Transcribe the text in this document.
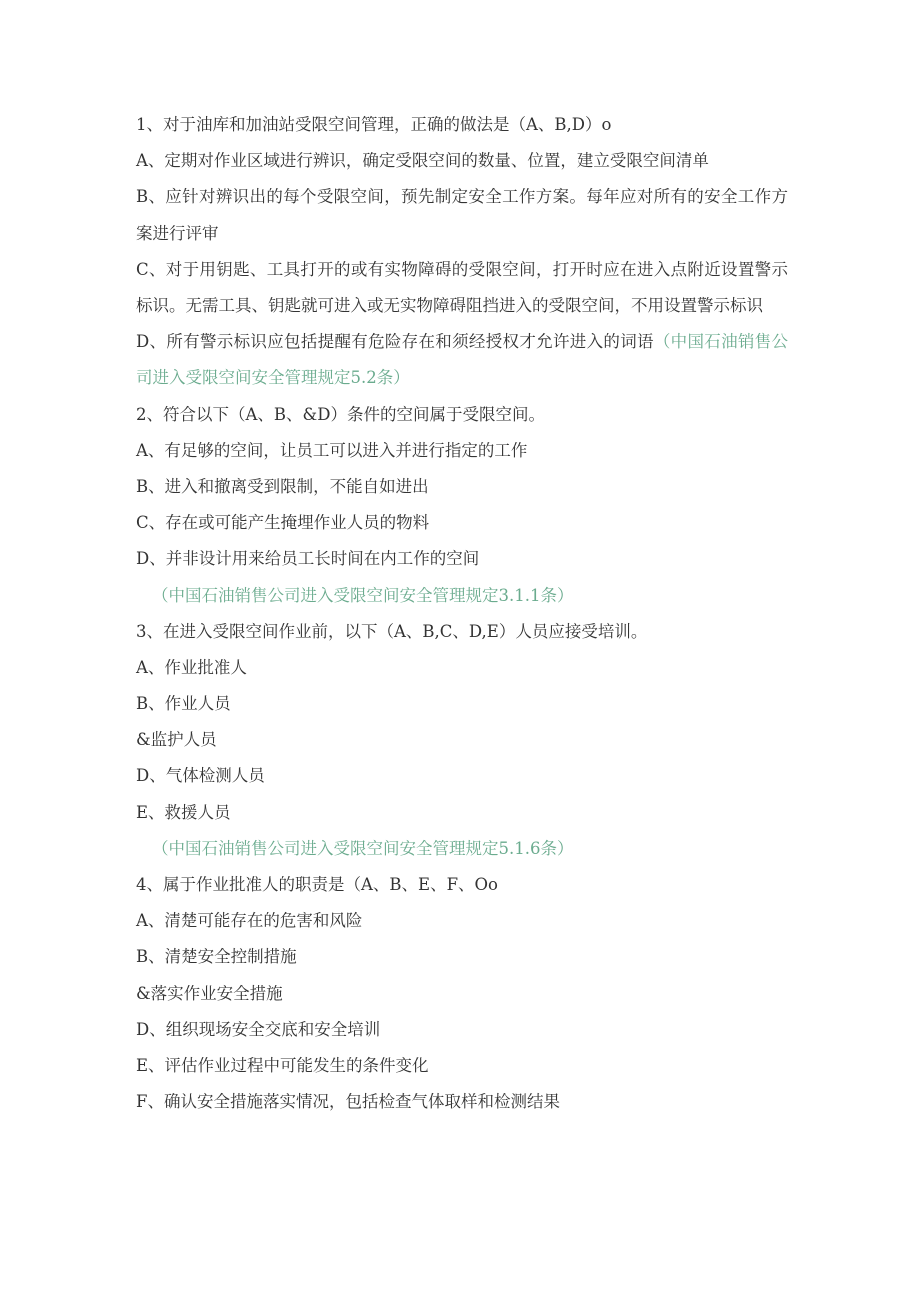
1、对于油库和加油站受限空间管理，正确的做法是（A、B,D）o
A、定期对作业区域进行辨识，确定受限空间的数量、位置，建立受限空间清单
B、应针对辨识出的每个受限空间，预先制定安全工作方案。每年应对所有的安全工作方案进行评审
C、对于用钥匙、工具打开的或有实物障碍的受限空间，打开时应在进入点附近设置警示标识。无需工具、钥匙就可进入或无实物障碍阻挡进入的受限空间，不用设置警示标识
D、所有警示标识应包括提醒有危险存在和须经授权才允许进入的词语（中国石油销售公司进入受限空间安全管理规定5.2条）
2、符合以下（A、B、&D）条件的空间属于受限空间。
A、有足够的空间，让员工可以进入并进行指定的工作
B、进入和撤离受到限制，不能自如进出
C、存在或可能产生掩埋作业人员的物料
D、并非设计用来给员工长时间在内工作的空间
（中国石油销售公司进入受限空间安全管理规定3.1.1条）
3、在进入受限空间作业前，以下（A、B,C、D,E）人员应接受培训。
A、作业批准人
B、作业人员
&监护人员
D、气体检测人员
E、救援人员
（中国石油销售公司进入受限空间安全管理规定5.1.6条）
4、属于作业批准人的职责是（A、B、E、F、Oo
A、清楚可能存在的危害和风险
B、清楚安全控制措施
&落实作业安全措施
D、组织现场安全交底和安全培训
E、评估作业过程中可能发生的条件变化
F、确认安全措施落实情况，包括检查气体取样和检测结果
